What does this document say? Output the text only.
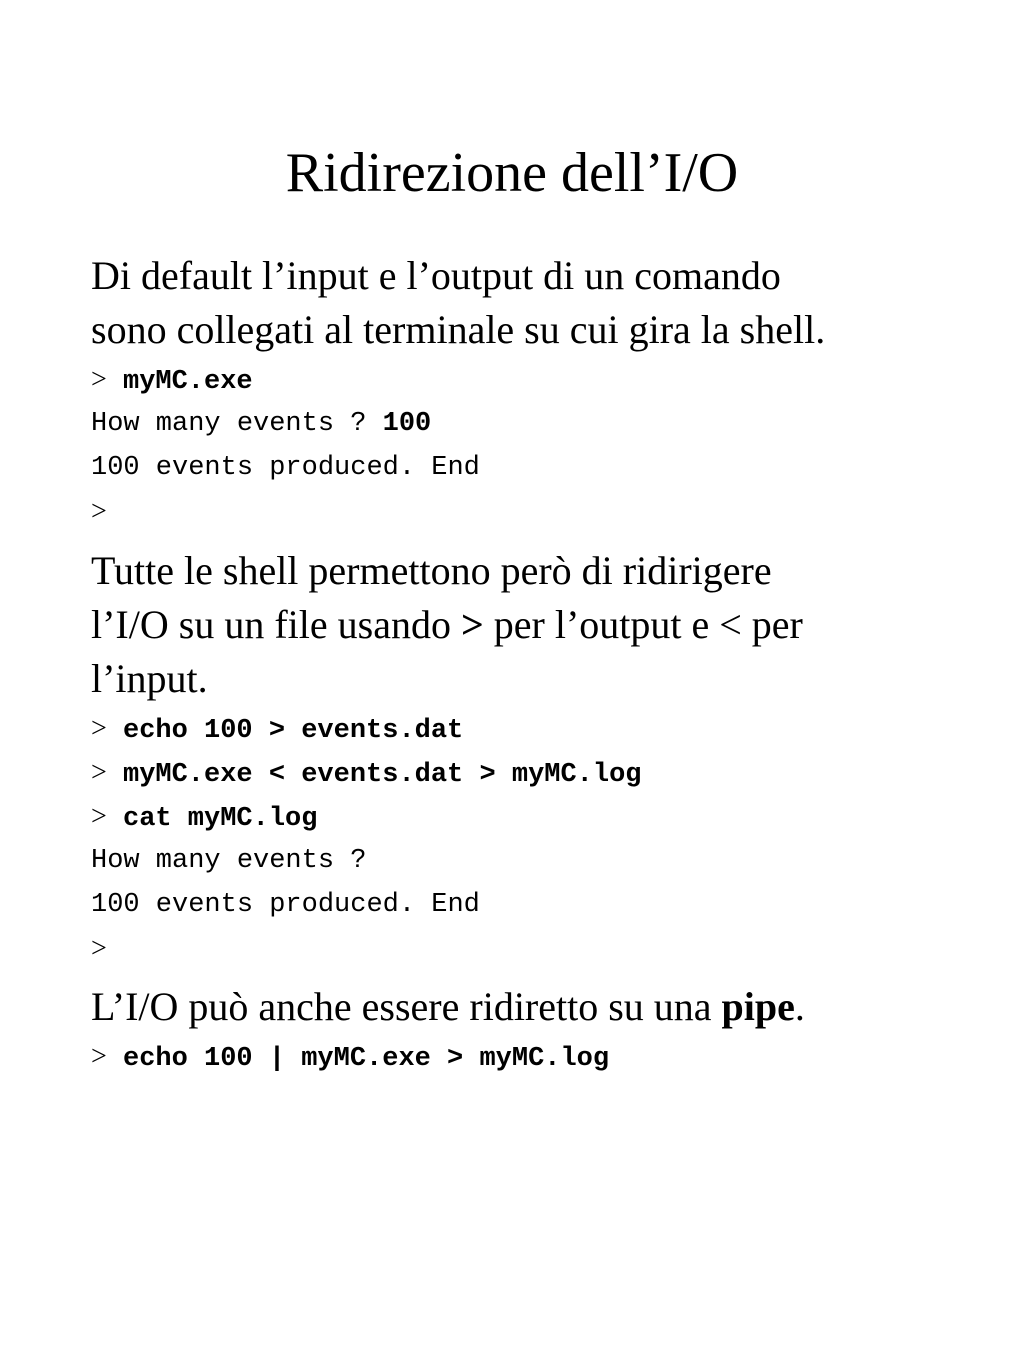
Ridirezione dell’I/O
Di default l’input e l’output di un comando
sono collegati al terminale su cui gira la shell.
> myMC.exe
How many events ? 100
100 events produced. End
>
Tutte le shell permettono però di ridirigere
l’I/O su un file usando > per l’output e < per
l’input.
> echo 100 > events.dat
> myMC.exe < events.dat > myMC.log
> cat myMC.log
How many events ?
100 events produced. End
>
L’I/O può anche essere ridiretto su una pipe.
> echo 100 | myMC.exe > myMC.log
